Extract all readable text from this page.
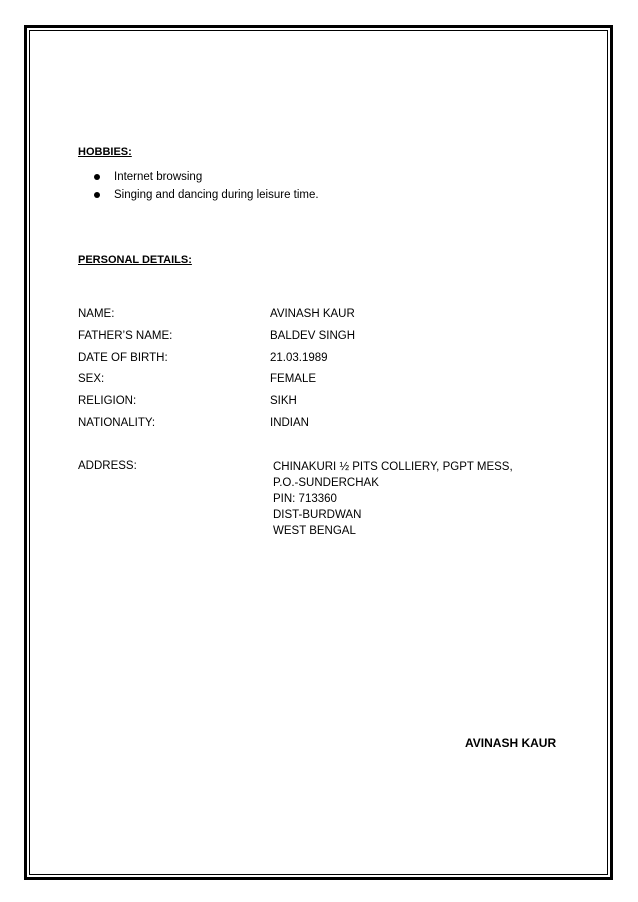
HOBBIES:
Internet browsing
Singing and dancing during leisure time.
PERSONAL DETAILS:
NAME:	AVINASH KAUR
FATHER’S NAME:	BALDEV SINGH
DATE OF BIRTH:	21.03.1989
SEX:	FEMALE
RELIGION:	SIKH
NATIONALITY:	INDIAN
ADDRESS:	CHINAKURI ½ PITS COLLIERY, PGPT MESS,
P.O.-SUNDERCHAK
PIN: 713360
DIST-BURDWAN
WEST BENGAL
AVINASH KAUR
